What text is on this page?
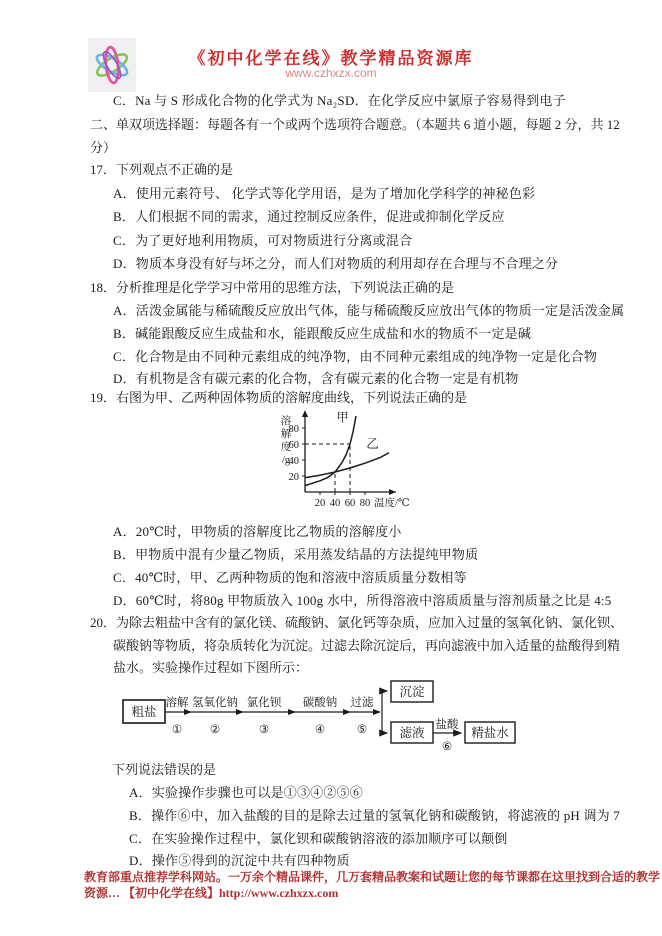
《初中化学在线》教学精品资源库
www.czhxzx.com
C．Na 与 S 形成化合物的化学式为 Na₂S D．在化学反应中氯原子容易得到电子
二、单双项选择题：每题各有一个或两个选项符合题意。（本题共 6 道小题，每题 2 分，共 12
分）
17．下列观点不正确的是
A．使用元素符号、 化学式等化学用语，是为了增加化学科学的神秘色彩
B．人们根据不同的需求，通过控制反应条件，促进或抑制化学反应
C．为了更好地利用物质，可对物质进行分离或混合
D．物质本身没有好与坏之分，而人们对物质的利用却存在合理与不合理之分
18．分析推理是化学学习中常用的思维方法，下列说法正确的是
A．活泼金属能与稀硫酸反应放出气体，能与稀硫酸反应放出气体的物质一定是活泼金属
B．碱能跟酸反应生成盐和水，能跟酸反应生成盐和水的物质不一定是碱
C．化合物是由不同种元素组成的纯净物，由不同种元素组成的纯净物一定是化合物
D．有机物是含有碳元素的化合物，含有碳元素的化合物一定是有机物
19．右图为甲、乙两种固体物质的溶解度曲线，下列说法正确的是
20 40 60 80
20
40
60
80
温度/℃
溶
解
度
/g
甲
乙
A．20℃时，甲物质的溶解度比乙物质的溶解度小
B．甲物质中混有少量乙物质，采用蒸发结晶的方法提纯甲物质
C．40℃时，甲、乙两种物质的饱和溶液中溶质质量分数相等
D．60℃时，将80g 甲物质放入 100g 水中，所得溶液中溶质质量与溶剂质量之比是 4:5
20．为除去粗盐中含有的氯化镁、硫酸钠、氯化钙等杂质，应加入过量的氢氧化钠、氯化钡、
碳酸钠等物质，将杂质转化为沉淀。过滤去除沉淀后，再向滤液中加入适量的盐酸得到精
盐水。实验操作过程如下图所示：
粗盐
溶解 氢氧化钠 氯化钡 碳酸钠 过滤
① ②	③	④	⑤
沉淀
滤液
盐酸
⑥
精盐水
下列说法错误的是
A．实验操作步骤也可以是①③④②⑤⑥
B．操作⑥中，加入盐酸的目的是除去过量的氢氧化钠和碳酸钠，将滤液的 pH 调为 7
C．在实验操作过程中，氯化钡和碳酸钠溶液的添加顺序可以颠倒
D．操作⑤得到的沉淀中共有四种物质
教育部重点推荐学科网站。一万余个精品课件，几万套精品教案和试题让您的每节课都在这里找到合适的教学
资源… 【初中化学在线】http://www.czhxzx.com
